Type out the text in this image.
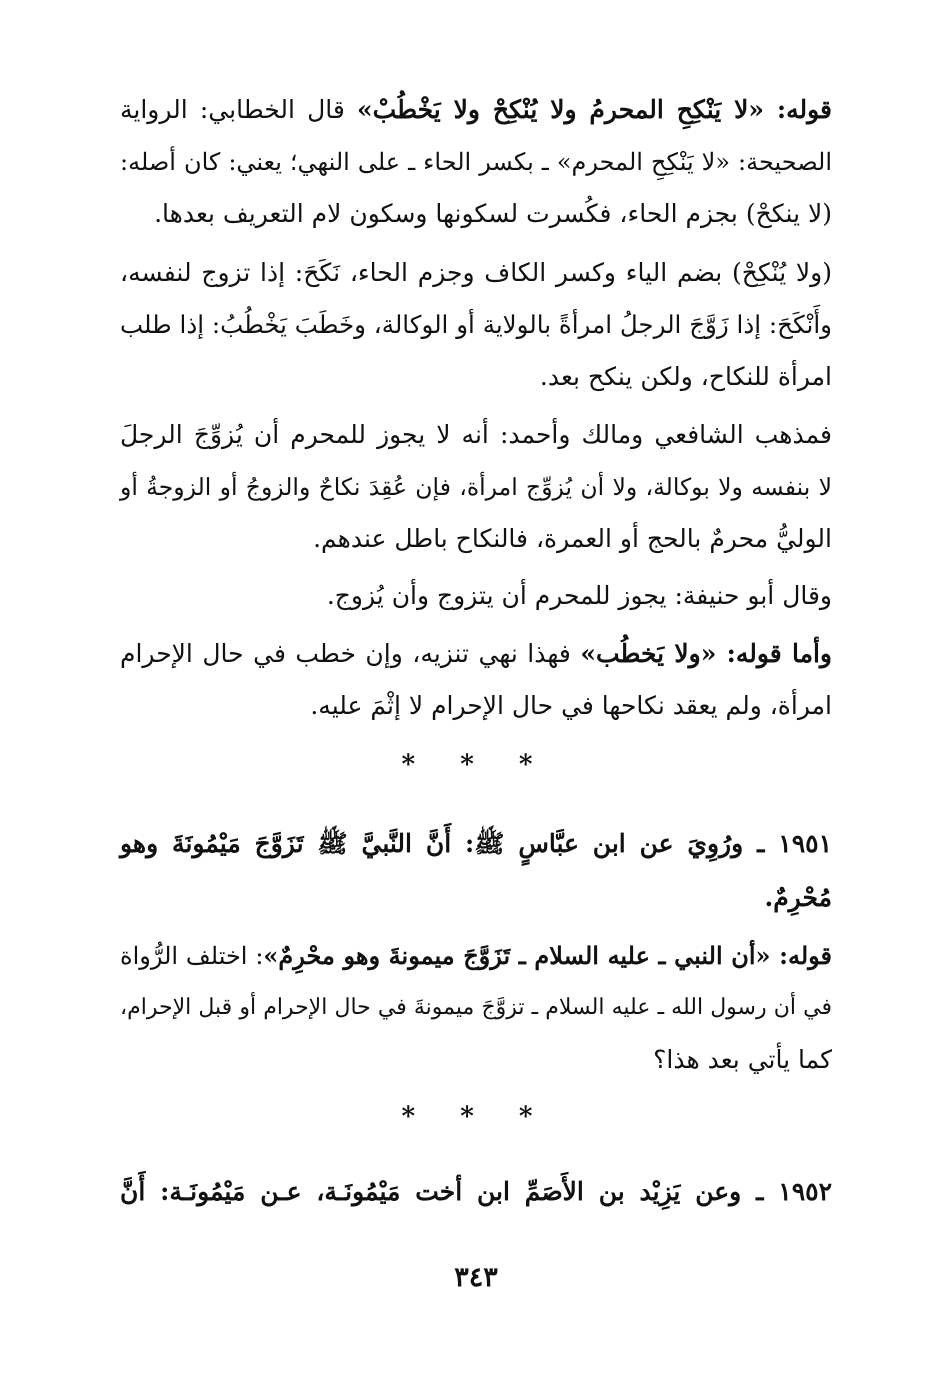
قوله: «لا يَنْكِحِ المحرمُ ولا يُنْكِحْ ولا يَخْطُبْ» قال الخطابي: الرواية
الصحيحة: «لا يَنْكِحِ المحرم» ـ بكسر الحاء ـ على النهي؛ يعني: كان أصله:
(لا ينكحْ) بجزم الحاء، فكُسرت لسكونها وسكون لام التعريف بعدها.
(ولا يُنْكِحْ) بضم الياء وكسر الكاف وجزم الحاء، نَكَحَ: إذا تزوج لنفسه،
وأَنْكَحَ: إذا زَوَّجَ الرجلُ امرأةً بالولاية أو الوكالة، وخَطَبَ يَخْطُبُ: إذا طلب
امرأة للنكاح، ولكن ينكح بعد.
فمذهب الشافعي ومالك وأحمد: أنه لا يجوز للمحرم أن يُزوِّجَ الرجلَ
لا بنفسه ولا بوكالة، ولا أن يُزوِّج امرأة، فإن عُقِدَ نكاحٌ والزوجُ أو الزوجةُ أو
الوليُّ محرمٌ بالحج أو العمرة، فالنكاح باطل عندهم.
وقال أبو حنيفة: يجوز للمحرم أن يتزوج وأن يُزوج.
وأما قوله: «ولا يَخطُب» فهذا نهي تنزيه، وإن خطب في حال الإحرام
امرأة، ولم يعقد نكاحها في حال الإحرام لا إثْمَ عليه.
* * *
١٩٥١ ـ ورُوِيَ عن ابن عبَّاسٍ ﷺ: أَنَّ النَّبيَّ ﷺ تَزَوَّجَ مَيْمُونَةَ وهو
مُحْرِمٌ.
قوله: «أن النبي ـ عليه السلام ـ تَزَوَّجَ ميمونةَ وهو محْرِمٌ»: اختلف الرُّواة
في أن رسول الله ـ عليه السلام ـ تزوَّجَ ميمونةَ في حال الإحرام أو قبل الإحرام،
كما يأتي بعد هذا؟
* * *
١٩٥٢ ـ وعن يَزِيْد بن الأَصَمِّ ابن أخت مَيْمُونَـة، عـن مَيْمُونَـة: أَنَّ
٣٤٣
